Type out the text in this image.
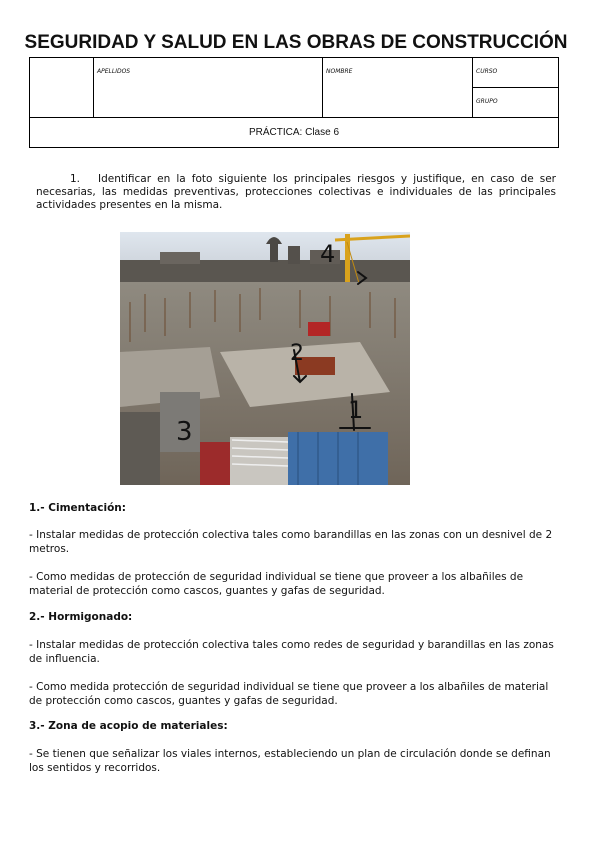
SEGURIDAD Y SALUD EN LAS OBRAS DE CONSTRUCCIÓN
	APELLIDOS	NOMBRE	CURSO
GRUPO
PRÁCTICA: Clase 6
1. Identificar en la foto siguiente los principales riesgos y justifique, en caso de ser necesarias, las medidas preventivas, protecciones colectivas e individuales de las principales actividades presentes en la misma.
4
2
1
3
1.- Cimentación:
- Instalar medidas de protección colectiva tales como barandillas en las zonas con un desnivel de 2 metros.
- Como medidas de protección de seguridad individual se tiene que proveer a los albañiles de material de protección como cascos, guantes y gafas de seguridad.
2.- Hormigonado:
- Instalar medidas de protección colectiva tales como redes de seguridad y barandillas en las zonas de influencia.
- Como medida protección de seguridad individual se tiene que proveer a los albañiles de material de protección como cascos, guantes y gafas de seguridad.
3.- Zona de acopio de materiales:
- Se tienen que señalizar los viales internos, estableciendo un plan de circulación donde se definan los sentidos y recorridos.
